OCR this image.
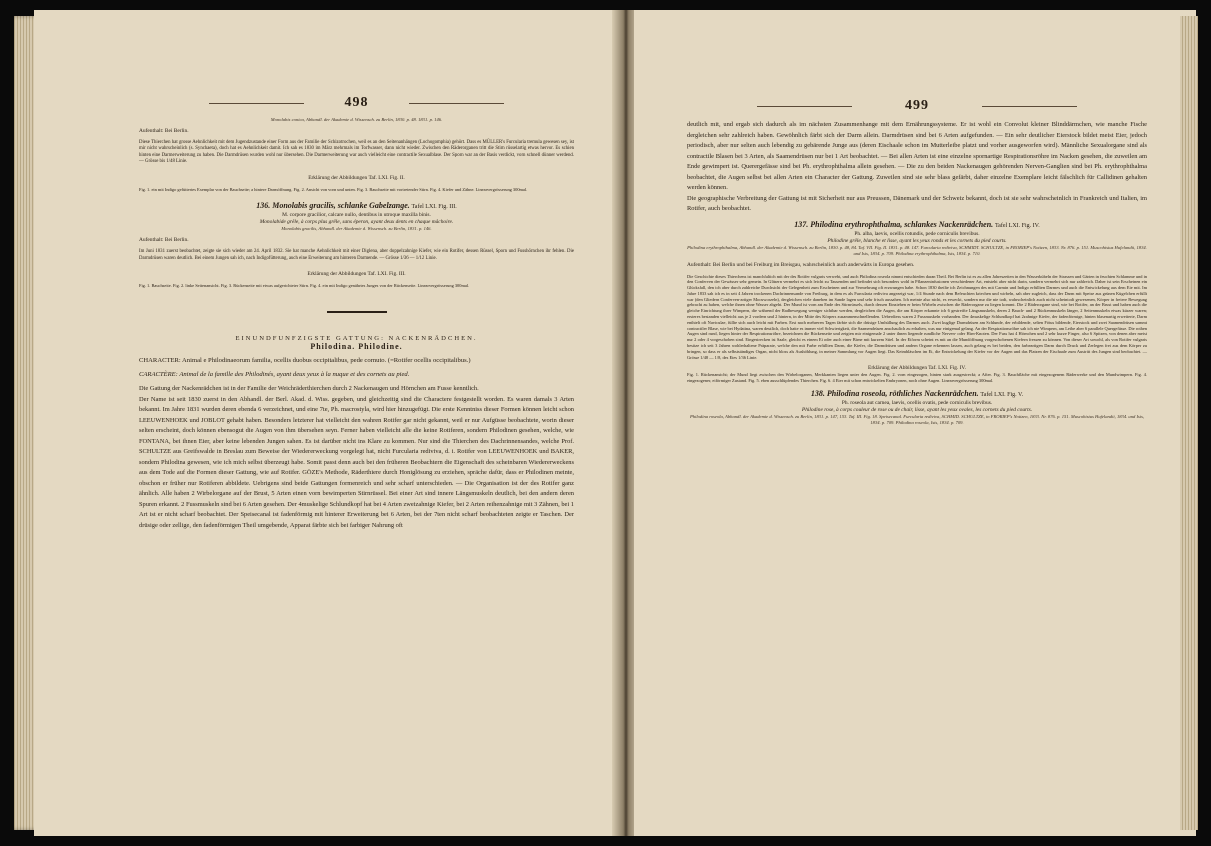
498
Monolabis conica, Abhandl. der Akademie d. Wissensch. zu Berlin, 1830. p. 48. 1831. p. 146.
Aufenthalt: Bei Berlin.
Diese Thierchen hat grosse Aehnlichkeit mit dem Jugendzustande einer Form aus der Familie der Schizotrochen, weil es an den Seitenanhängen (Lochogomphia) gehört. Dass es MÜLLER's Furcularia tremula gewesen sey, ist mir nicht wahrscheinlich (s. Synchaeta), doch hat es Aehnlichkeit damit. Ich sah es 1830 im März mehrmals im Torfwasser, dann nicht wieder. Zwischen den Räderorganen tritt die Stirn rüsselartig etwas hervor. Es schien hinten eine Darmerweiterung zu haben. Die Darmdrüsen wurden wohl nur übersehen. Die Darmerweiterung war auch vielleicht eine contractile Sexualblase. Der Sporn war an der Basis verdickt, vorn schnell dünner werdend. — Grösse bis 1/48 Linie.
Erklärung der Abbildungen Taf. LXI. Fig. II.
Fig. 1. ein mit Indigo gefüttertes Exemplar von der Bauchseite; a hintere Darmöffnung. Fig. 2. Ansicht von vorn und unten. Fig. 3. Bauchseite mit vortretender Stirn. Fig. 4. Kiefer und Zähne. Linearvergrösserung 300mal.
136. Monolabis gracilis, schlanke Gabelzange. Tafel LXI. Fig. III.
M. corpore gracilior, calcare nullo, dentibus in utroque maxilla binis.
Monolabide grêle, à corps plus grêle, sans éperon, ayant deux dents en chaque mâchoire.
Monolabis gracilis, Abhandl. der Akademie d. Wissensch. zu Berlin, 1831. p. 146.
Aufenthalt: Bei Berlin.
Im Juni 1831 zuerst beobachtet, zeigte sie sich wieder am 24. April 1832. Sie hat manche Aehnlichkeit mit einer Diglena, aber doppelzahnige Kiefer, wie ein Rotifer, dessen Rüssel, Sporn und Fusshörnchen ihr fehlen. Die Darmdrüsen waren deutlich. Bei einem Jungen sah ich, nach Indigofütterung, auch eine Erweiterung am hinteren Darmende. — Grösse 1/36 — 1/12 Linie.
Erklärung der Abbildungen Taf. LXI. Fig. III.
Fig. 1. Bauchseite. Fig. 2. linke Seitenansicht. Fig. 3. Rückenseite mit etwas aufgerichteter Stirn. Fig. 4. ein mit Indigo genährtes Junges von der Rückenseite. Linearvergrösserung 300mal.
EINUNDFUNFZIGSTE GATTUNG: NACKENRÄDCHEN.
Philodina. Philodine.
CHARACTER: Animal e Philodinaeorum familia, ocellis duobus occipitalibus, pede cornuto. (=Rotifer ocellis occipitalibus.)
CARACTÈRE: Animal de la famille des Philodinés, ayant deux yeux à la nuque et des cornets au pied.
Die Gattung der Nackenrädchen ist in der Familie der Weichräderthierchen durch 2 Nackenaugen und Hörnchen am Fusse kenntlich.
Der Name ist seit 1830 zuerst in den Abhandl. der Berl. Akad. d. Wiss. gegeben, und gleichzeitig sind die Charactere festgestellt worden. Es waren damals 3 Arten bekannt. Im Jahre 1831 wurden deren ebenda 6 verzeichnet, und eine 7te, Ph. macrostyla, wird hier hinzugefügt. Die erste Kenntniss dieser Formen können leicht schon LEEUWENHOEK und JOBLOT gehabt haben. Besonders letzterer hat vielleicht den wahren Rotifer gar nicht gekannt, weil er nur Aufgüsse beobachtete, worin dieser selten erscheint, doch können ebensogut die Augen von ihm übersehen seyn. Ferner haben vielleicht alle die keine Rotiferen, sondern Philodinen gesehen, welche, wie FONTANA, bei ihnen Eier, aber keine lebenden Jungen sahen. Es ist darüber nicht ins Klare zu kommen. Nur sind die Thierchen des Dachrinnensandes, welche Prof. SCHULTZE aus Greifswalde in Breslau zum Beweise der Wiedererweckung vorgelegt hat, nicht Furcularia rediviva, d. i. Rotifer von LEEUWENHOEK und BAKER, sondern Philodina gewesen, wie ich mich selbst überzeugt habe. Somit passt denn auch bei den früheren Beobachtern die Eigenschaft des scheinbaren Wiedererweckens aus dem Tode auf die Formen dieser Gattung, wie auf Rotifer. GÖZE's Methode, Räderthiere durch Honiglösung zu erziehen, spräche dafür, dass er Philodinen meinte, obschon er früher nur Rotiferen abbildete. Uebrigens sind beide Gattungen formenreich und sehr scharf unterschieden. — Die Organisation ist der des Rotifer ganz ähnlich. Alle haben 2 Wirbelorgane auf der Brust, 5 Arten einen vorn bewimperten Stirnrüssel. Bei einer Art sind innere Längsmuskeln deutlich, bei den andern deren Spuren erkannt. 2 Fussmuskeln sind bei 6 Arten gesehen. Der 4muskelige Schlundkopf hat bei 4 Arten zweizahnige Kiefer, bei 2 Arten reihenzahnige mit 3 Zähnen, bei 1 Art ist er nicht scharf beobachtet. Der Speisecanal ist fadenförmig mit hinterer Erweiterung bei 6 Arten, bei der 7ten nicht scharf beobachteten zeigte er Taschen. Der drüsige oder zellige, den fadenförmigen Theil umgebende, Apparat färbte sich bei farbiger Nahrung oft
499
deutlich mit, und ergab sich dadurch als im nächsten Zusammenhange mit dem Ernährungssysteme. Er ist wohl ein Convolut kleiner Blinddärmchen, wie manche Fische dergleichen sehr zahlreich haben. Gewöhnlich färbt sich der Darm allein. Darmdrüsen sind bei 6 Arten aufgefunden. — Ein sehr deutlicher Eierstock bildet meist Eier, jedoch periodisch, aber nur selten auch lebendig zu gebärende Junge aus (deren Eischaale schon im Mutterleibe platzt und vorher ausgeworfen wird). Männliche Sexualorgane sind als contractile Blasen bei 3 Arten, als Saamendrüsen nur bei 1 Art beobachtet. — Bei allen Arten ist eine einzelne spornartige Respirationsröhre im Nacken gesehen, die zuweilen am Ende gewimpert ist. Querergefässe sind bei Ph. erythrophthalma allein gesehen. — Die zu den beiden Nackenaugen gehörenden Nerven-Ganglien sind bei Ph. erythrophthalma beobachtet, die Augen selbst bei allen Arten ein Character der Gattung. Zuweilen sind sie sehr blass gefärbt, daher einzelne Exemplare leicht fälschlich für Callidinen gehalten werden können.
Die geographische Verbreitung der Gattung ist mit Sicherheit nur aus Preussen, Dänemark und der Schweiz bekannt, doch ist sie sehr wahrscheinlich in Frankreich und Italien, im Rotifer, auch beobachtet.
137. Philodina erythrophthalma, schlankes Nackenrädchen. Tafel LXI. Fig. IV.
Ph. alba, laevis, ocellis rotundis, pede corniculis brevibus.
Philodine grêle, blanche et lisse, ayant les yeux ronds et les cornets du pied courts.
Philodina erythrophthalma, Abhandl. der Akademie d. Wissensch. zu Berlin, 1830. p. 48, 84. Taf. VII. Fig. II. 1831. p. 48. 147. Furcularia rediviva, SCHMIDT. SCHULTZE, in FRORIEP's Notizen, 1833. Nr. 876. p. 151. Muscohistus Hufelandii, 1834. und Isis, 1834. p. 709. Philodina erythrophthalma, Isis, 1834. p. 710.
Aufenthalt: Bei Berlin und bei Freiburg im Breisgau, wahrscheinlich auch anderwärts in Europa gesehen.
Die Geschichte dieses Thierchens ist manchfaltich mit der des Rotifer vulgaris verwebt, und auch Philodina roseola nimmt entschieden daran Theil. Bei Berlin ist es zu allen Jahreszeiten in den Wasserkübeln der Strassen und Gärten in feuchten Schlamme und in den Conferven der Gewässer sehr gemein. In Gläsern vermehrt es sich leicht zu Tausenden und befindet sich besonders wohl in Pflanzeninfusionen verschiedener Art, entsteht aber nicht darin, sondern vermehrt sich nur zahlreich. Daher ist sein Erscheinen ein Glücksfall, den ich aber durch zahlreiche Durchsicht der Gelegenheit zum Erscheinen und zur Vermehrung oft erzwungen habe. Schon 1830 theilte ich Zeichnungen des mit Carmin und Indigo erfüllten Darmes und auch die Entwickelung aus dem Eie mit. Im Jahre 1833 sah ich es in seit 4 Jahren trockenen Dachrinnensande von Freiburg, in dem es als Furcularia rediviva angezeigt war, 1/4 Stunde nach dem Befeuchten kriechen und wirbeln, sah aber zugleich, dass der Darm mit Speise aus grünen Kügelchen erfüllt war (den Gliedern Conferven-artiger Moosworzeln), dergleichen viele daneben im Sande lagen und sehr frisch aussahen. Ich meinte also nicht, es erweckt, sondern nur die nie todt, wahrscheinlich auch nicht scheintodt gewesenen, Körper in freiere Bewegung gebracht zu haben, welche ihnen ohne Wasser abgeht. Der Mund ist vorn am Ende des Stirnrüssels, durch dessen Einziehen er beim Wirbeln zwischen die Räderorgane zu liegen kommt. Die 2 Räderorgane sind, wie bei Rotifer, an der Brust und haben auch die gleiche Einrichtung ihrer Wimpern, die während der Radbewegung weniger sichtbar werden, dergleichen die Augen, die am Körper erkannte ich 6 gestreifte Längsmuskeln, deren 2 Bauch- und 2 Rückenmuskeln länger, 2 Seitenmuskeln etwas kürzer waren; ersteres bestanden vielleicht aus je 2 vordern und 2 hintern, in der Mitte des Körpers zusammenschnellenden. Ueberdiess waren 2 Fussmuskeln vorhanden. Der 4muskelige Schlundkopf hat 2zahnige Kiefer, der fadenförmige, hinten blasenartig erweiterte, Darm enthielt oft Naviculae, füllte sich auch leicht mit Farben. Erst nach mehreren Tagen färbte sich die drüsige Umhüllung des Darmes auch. Zwei kuglige Darmdrüsen am Schlunde, der erbildende, selten Fötus bildende, Eierstock und zwei Saamendrüsen sammt contractiler Blase, wie bei Hydatina, waren deutlich, doch hatte es immer viel Schwierigkeit, die Saamendrüsen anschaulich zu erhalten, was nur einigemal gelang. An der Respirationsröhre sah ich nie Wimpern, am Leibe aber 6 parallele Quergefässe. Die rothen Augen sind rund, liegen hinter der Respirationsröhre, bezeichnen die Rückenseite und zeigten mir einigemale 2 unter ihnen liegende rundliche Nerven- oder Hirn-Knoten. Der Fuss hat 4 Hörnchen und 2 sehr kurze Finger, also 6 Spitzen, von denen aber meist nur 2 oder 4 vorgeschoben sind. Eingestrecken ist Saale, gleicht es einem Ei oder auch einer Birne mit kurzem Stiel. In der Eiform scheint es mit an die Mundöffnung vorgeschobenen Kiefern fressen zu können. Von dieser Art sowohl, als von Rotifer vulgaris besitze ich seit 3 Jahren wohlerhaltene Präparate, welche den mit Farbe erfüllten Darm, die Kiefer, die Darmdrüsen und andern Organe erkennen lassen, auch gelang es bei beiden, den farbeartigen Darm durch Druck und Zerlegen frei aus dem Körper zu bringen, so dass er als selbstständiges Organ, nicht bloss als Aushöhlung, in meiner Sammlung vor Augen liegt. Das Keimbläschen im Ei, die Entwickelung der Kiefer vor der Augen und das Platzen der Eischaale zum Austritt des Jungen sind beobachtet. — Grösse 1/48 — 1/8, des Eies 1/36 Linie.
Erklärung der Abbildungen Taf. LXI. Fig. IV.
Fig. 1. Rückenansicht; der Mund liegt zwischen den Wirbelorganen, Merkkanten liegen unter den Augen. Fig. 2. vorn eingezogen, hinten stark ausgestreckt; a After. Fig. 3. Bauchfläche mit eingezogenem Räderwerke und den Mundwimpern. Fig. 4. eingezogener, eiförmiger Zustand. Fig. 5. eben ausschlüpfendes Thierchen. Fig. 6. 4 Eier mit schon entwickelten Embryonen, noch ohne Augen. Linearvergrösserung 300mal.
138. Philodina roseola, röthliches Nackenrädchen. Tafel LXI. Fig. V.
Ph. roseola aut carnea, laevis, ocellis ovatis, pede corniculis brevibus.
Philodine rose, à corps couleur de rose ou de chair, lisse, ayant les yeux ovales, les cornets du pied courts.
Philodina roseola, Abhandl. der Akademie d. Wissensch. zu Berlin, 1831. p. 147, 153. Taf. III. Fig. 18. Speisecanal. Furcularia rediviva, SCHMID. SCHULTZE, in FRORIEP's Notizen, 1833. Nr. 876. p. 151. Muscohistus Hufelandii, 1834. und Isis, 1834. p. 709. Philodina roseola, Isis, 1834. p. 709.
